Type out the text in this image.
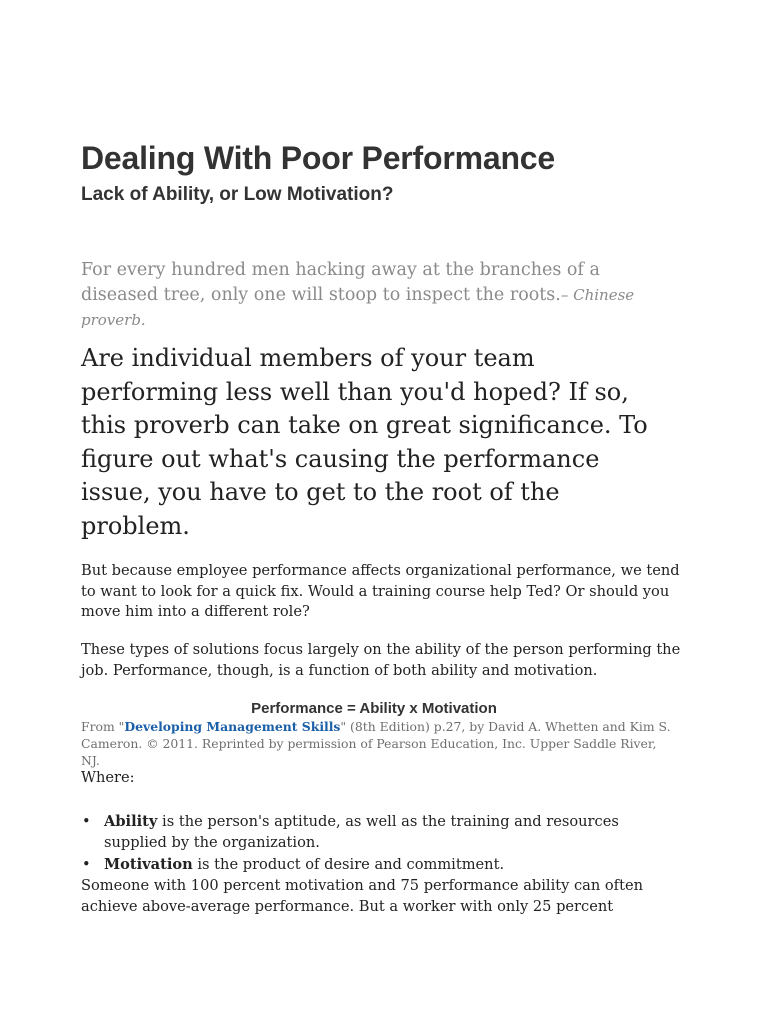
Dealing With Poor Performance
Lack of Ability, or Low Motivation?

For every hundred men hacking away at the branches of a diseased tree, only one will stoop to inspect the roots.– Chinese proverb.

Are individual members of your team performing less well than you'd hoped? If so, this proverb can take on great significance. To figure out what's causing the performance issue, you have to get to the root of the problem.

But because employee performance affects organizational performance, we tend to want to look for a quick fix. Would a training course help Ted? Or should you move him into a different role?

These types of solutions focus largely on the ability of the person performing the job. Performance, though, is a function of both ability and motivation.

Performance = Ability x Motivation

From "Developing Management Skills" (8th Edition) p.27, by David A. Whetten and Kim S. Cameron. © 2011. Reprinted by permission of Pearson Education, Inc. Upper Saddle River, NJ.

Where:

• Ability is the person's aptitude, as well as the training and resources supplied by the organization.
• Motivation is the product of desire and commitment.

Someone with 100 percent motivation and 75 performance ability can often achieve above-average performance. But a worker with only 25 percent
